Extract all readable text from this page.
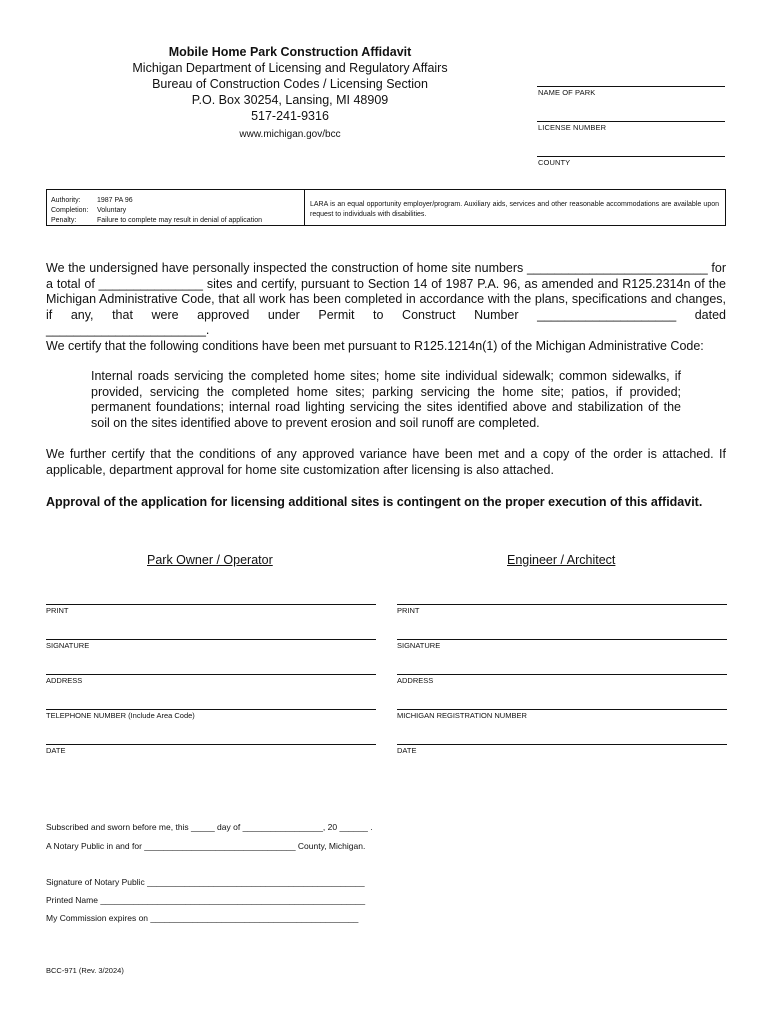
Mobile Home Park Construction Affidavit
Michigan Department of Licensing and Regulatory Affairs
Bureau of Construction Codes / Licensing Section
P.O. Box 30254, Lansing, MI 48909
517-241-9316
www.michigan.gov/bcc
NAME OF PARK
LICENSE NUMBER
COUNTY
Authority:	1987 PA 96
Completion:	Voluntary
Penalty:	Failure to complete may result in denial of application
LARA is an equal opportunity employer/program. Auxiliary aids, services and other reasonable accommodations are available upon request to individuals with disabilities.
We the undersigned have personally inspected the construction of home site numbers __________________________ for a total of _______________ sites and certify, pursuant to Section 14 of 1987 P.A. 96, as amended and R125.2314n of the Michigan Administrative Code, that all work has been completed in accordance with the plans, specifications and changes, if any, that were approved under Permit to Construct Number ____________________ dated _______________________.
We certify that the following conditions have been met pursuant to R125.1214n(1) of the Michigan Administrative Code:
Internal roads servicing the completed home sites; home site individual sidewalk; common sidewalks, if provided, servicing the completed home sites; parking servicing the home site; patios, if provided; permanent foundations; internal road lighting servicing the sites identified above and stabilization of the soil on the sites identified above to prevent erosion and soil runoff are completed.
We further certify that the conditions of any approved variance have been met and a copy of the order is attached. If applicable, department approval for home site customization after licensing is also attached.
Approval of the application for licensing additional sites is contingent on the proper execution of this affidavit.
Park Owner / Operator	Engineer / Architect
PRINT
SIGNATURE
ADDRESS
TELEPHONE NUMBER (Include Area Code)
DATE
PRINT
SIGNATURE
ADDRESS
MICHIGAN REGISTRATION NUMBER
DATE
Subscribed and sworn before me, this _____ day of _________________, 20 ______ .
A Notary Public in and for ________________________________ County, Michigan.
Signature of Notary Public ______________________________________________
Printed Name ________________________________________________________
My Commission expires on ____________________________________________
BCC-971 (Rev. 3/2024)
